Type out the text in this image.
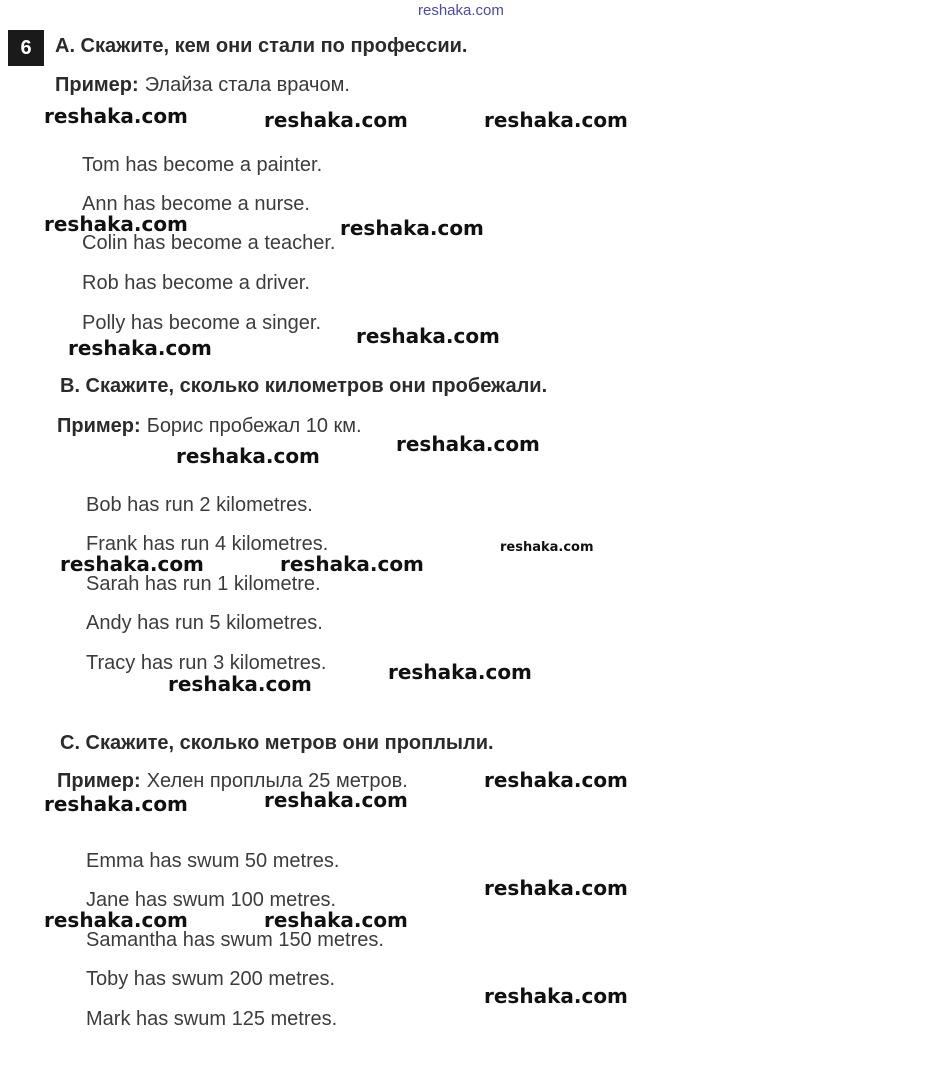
reshaka.com
6	A. Скажите, кем они стали по профессии.
Пример: Элайза стала врачом.
Tom has become a painter.
Ann has become a nurse.
Colin has become a teacher.
Rob has become a driver.
Polly has become a singer.
B. Скажите, сколько километров они пробежали.
Пример: Борис пробежал 10 км.
Bob has run 2 kilometres.
Frank has run 4 kilometres.
Sarah has run 1 kilometre.
Andy has run 5 kilometres.
Tracy has run 3 kilometres.
C. Скажите, сколько метров они проплыли.
Пример: Хелен проплыла 25 метров.
Emma has swum 50 metres.
Jane has swum 100 metres.
Samantha has swum 150 metres.
Toby has swum 200 metres.
Mark has swum 125 metres.
reshaka.com	reshaka.com	reshaka.com
reshaka.com	reshaka.com
reshaka.com
reshaka.com
reshaka.com
reshaka.com
reshaka.com
reshaka.com	reshaka.com
reshaka.com
reshaka.com
reshaka.com
reshaka.com
reshaka.com
reshaka.com
reshaka.com	reshaka.com
reshaka.com
